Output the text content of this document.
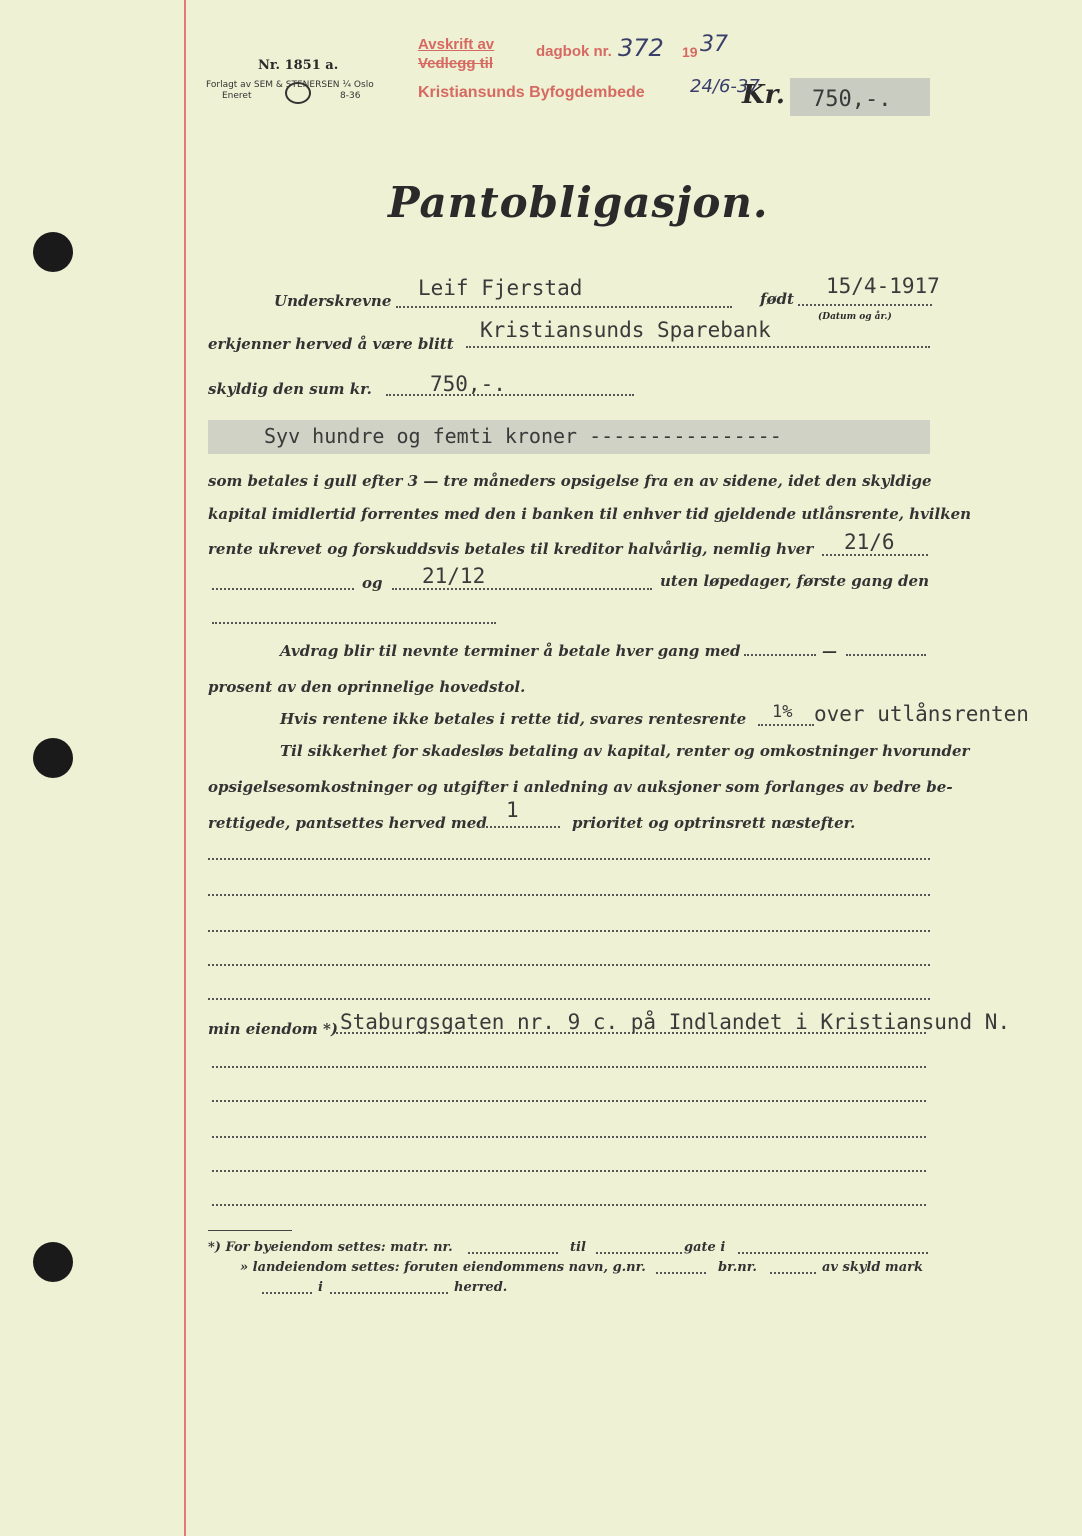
Nr. 1851 a.
Forlagt av SEM & STENERSEN ¼ Oslo
Eneret	8-36
Avskrift av
Vedlegg til
dagbok nr. 372 19 37
Kristiansunds Byfogdembede	24/6-37
Kr. 750,-.
Pantobligasjon.
Underskrevne
Leif Fjerstad	født
15/4-1917
(Datum og år.)
erkjenner herved å være blitt
Kristiansunds Sparebank
skyldig den sum kr.	750,-.
Syv hundre og femti kroner ----------------
som betales i gull efter 3 — tre måneders opsigelse fra en av sidene, idet den skyldige
kapital imidlertid forrentes med den i banken til enhver tid gjeldende utlånsrente, hvilken
rente ukrevet og forskuddsvis betales til kreditor halvårlig, nemlig hver 21/6
og 21/12	uten løpedager, første gang den
Avdrag blir til nevnte terminer å betale hver gang med	—
prosent av den oprinnelige hovedstol.
Hvis rentene ikke betales i rette tid, svares rentesrente 1% over utlånsrenten
Til sikkerhet for skadesløs betaling av kapital, renter og omkostninger hvorunder
opsigelsesomkostninger og utgifter i anledning av auksjoner som forlanges av bedre be-
rettigede, pantsettes herved med
1
prioritet og optrinsrett næstefter.
min eiendom *) Staburgsgaten nr. 9 c. på Indlandet i Kristiansund N.
*) For byeiendom settes: matr. nr.	til	gate i
» landeiendom settes: foruten eiendommens navn, g.nr.	br.nr.	av skyld mark
i	herred.
